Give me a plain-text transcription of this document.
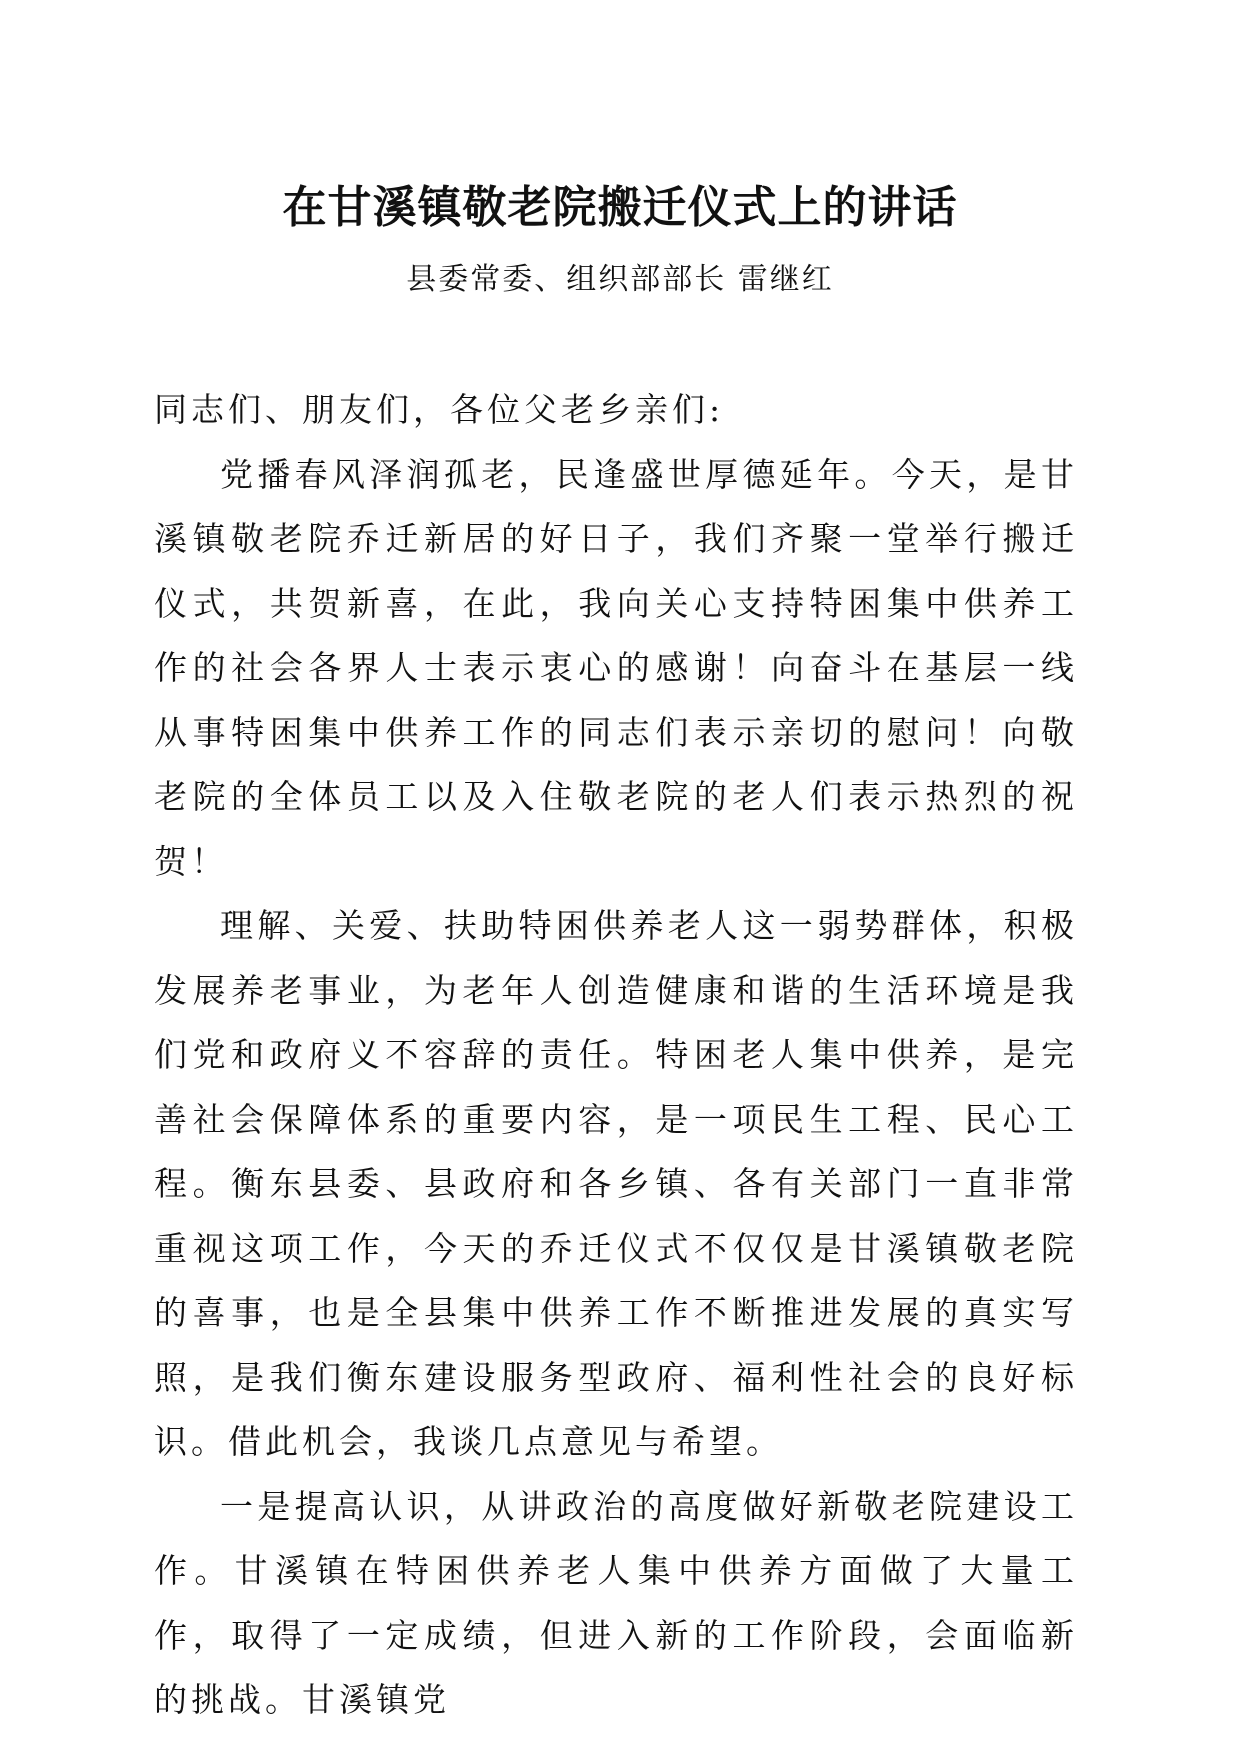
在甘溪镇敬老院搬迁仪式上的讲话
县委常委、组织部部长 雷继红

同志们、朋友们，各位父老乡亲们:

党播春风泽润孤老，民逢盛世厚德延年。今天，是甘溪镇敬老院乔迁新居的好日子，我们齐聚一堂举行搬迁仪式，共贺新喜，在此，我向关心支持特困集中供养工作的社会各界人士表示衷心的感谢！向奋斗在基层一线从事特困集中供养工作的同志们表示亲切的慰问！向敬老院的全体员工以及入住敬老院的老人们表示热烈的祝贺！

理解、关爱、扶助特困供养老人这一弱势群体，积极发展养老事业，为老年人创造健康和谐的生活环境是我们党和政府义不容辞的责任。特困老人集中供养，是完善社会保障体系的重要内容，是一项民生工程、民心工程。衡东县委、县政府和各乡镇、各有关部门一直非常重视这项工作，今天的乔迁仪式不仅仅是甘溪镇敬老院的喜事，也是全县集中供养工作不断推进发展的真实写照，是我们衡东建设服务型政府、福利性社会的良好标识。借此机会，我谈几点意见与希望。

一是提高认识，从讲政治的高度做好新敬老院建设工作。甘溪镇在特困供养老人集中供养方面做了大量工作，取得了一定成绩，但进入新的工作阶段，会面临新的挑战。甘溪镇党
